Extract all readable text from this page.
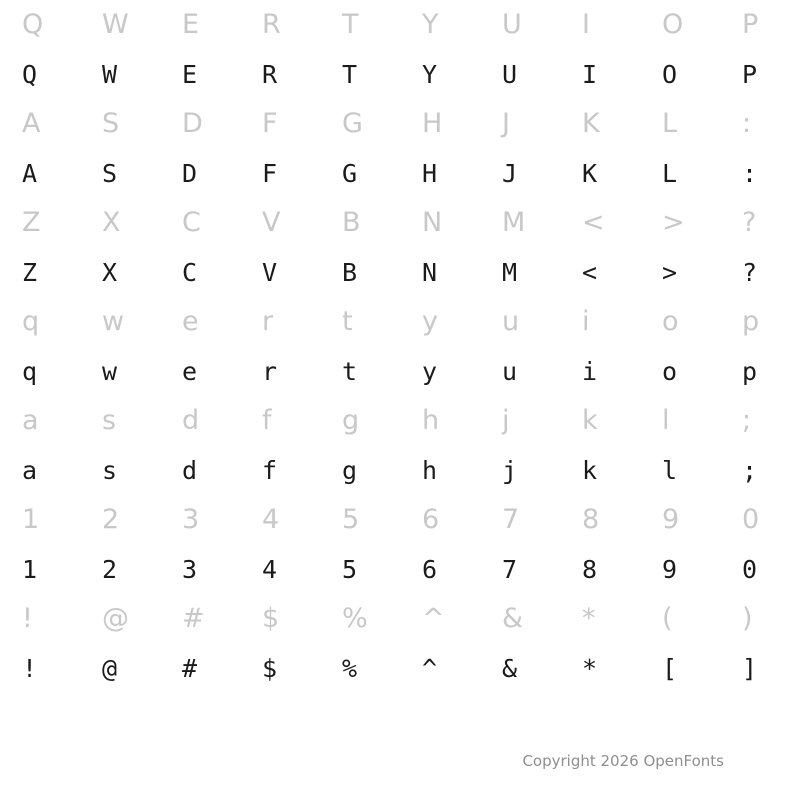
Q	W	E	R	T	Y	U	I	O	P
Q	W	E	R	T	Y	U	I	O	P
A	S	D	F	G	H	J	K	L	:
A	S	D	F	G	H	J	K	L	:
Z	X	C	V	B	N	M	<	>	?
Z	X	C	V	B	N	M	<	>	?
q	w	e	r	t	y	u	i	o	p
q	w	e	r	t	y	u	i	o	p
a	s	d	f	g	h	j	k	l	;
a	s	d	f	g	h	j	k	l	;
1	2	3	4	5	6	7	8	9	0
1	2	3	4	5	6	7	8	9	0
!	@	#	$	%	^	&	*	(	)
!	@	#	$	%	^	&	*	[	]
Copyright 2026 OpenFonts
